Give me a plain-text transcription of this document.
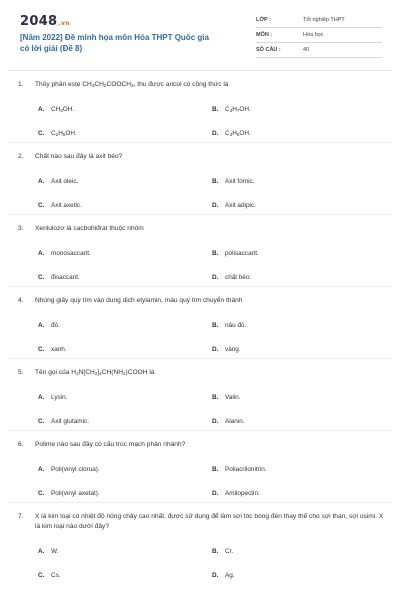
2048.vn
[Năm 2022] Đề minh họa môn Hóa THPT Quốc gia có lời giải (Đề 8)
LỚP :	Tốt nghiệp THPT
MÔN :	Hóa học
SỐ CÂU :	40
1. Thủy phân este $CH_3CH_2COOCH_3$, thu được ancol có công thức là
A. $CH_3OH$.	B. $C_3H_7OH$.
C. $C_2H_5OH$.	D. $C_3H_5OH$.
2. Chất nào sau đây là axit béo?
A. Axit oleic.	B. Axit fomic.
C. Axit axetic.	D. Axit adipic.
3. Xenlulozơ là cacbohiđrat thuộc nhóm
A. monosaccarit.	B. polisaccarit.
C. đisaccarit.	D. chất béo.
4. Nhúng giấy quỳ tím vào dung dịch etylamin, màu quỳ tím chuyển thành
A. đỏ.	B. nâu đỏ.
C. xanh.	D. vàng.
5. Tên gọi của $H_2N[CH_2]_4CH(NH_2)COOH$ là
A. Lysin.	B. Valin.
C. Axit glutamic.	D. Alanin.
6. Polime nào sau đây có cấu trúc mạch phân nhánh?
A. Poli(vinyl clorua).	B. Poliacrilonitrin.
C. Poli(vinyl axetat).	D. Amilopectin.
7. X là kim loại có nhiệt độ nóng chảy cao nhất, được sử dụng để làm sợi tóc bóng đèn thay thế cho sợi than, sợi osimi. X là kim loại nào dưới đây?
A. W.	B. Cr.
C. Cs.	D. Ag.
